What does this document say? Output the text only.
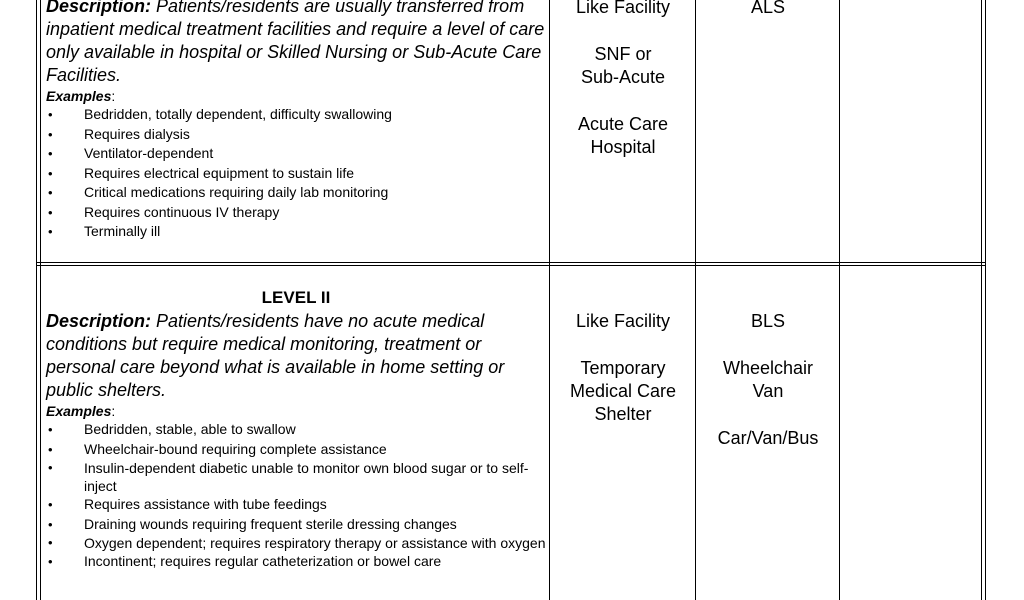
Description: Patients/residents are usually transferred from inpatient medical treatment facilities and require a level of care only available in hospital or Skilled Nursing or Sub-Acute Care Facilities.

Examples:
• Bedridden, totally dependent, difficulty swallowing
• Requires dialysis
• Ventilator-dependent
• Requires electrical equipment to sustain life
• Critical medications requiring daily lab monitoring
• Requires continuous IV therapy
• Terminally ill
Like Facility
SNF or Sub-Acute
Acute Care Hospital
ALS
LEVEL II

Description: Patients/residents have no acute medical conditions but require medical monitoring, treatment or personal care beyond what is available in home setting or public shelters.

Examples:
• Bedridden, stable, able to swallow
• Wheelchair-bound requiring complete assistance
• Insulin-dependent diabetic unable to monitor own blood sugar or to self-inject
• Requires assistance with tube feedings
• Draining wounds requiring frequent sterile dressing changes
• Oxygen dependent; requires respiratory therapy or assistance with oxygen
• Incontinent; requires regular catheterization or bowel care
Like Facility
Temporary Medical Care Shelter
BLS
Wheelchair Van
Car/Van/Bus
